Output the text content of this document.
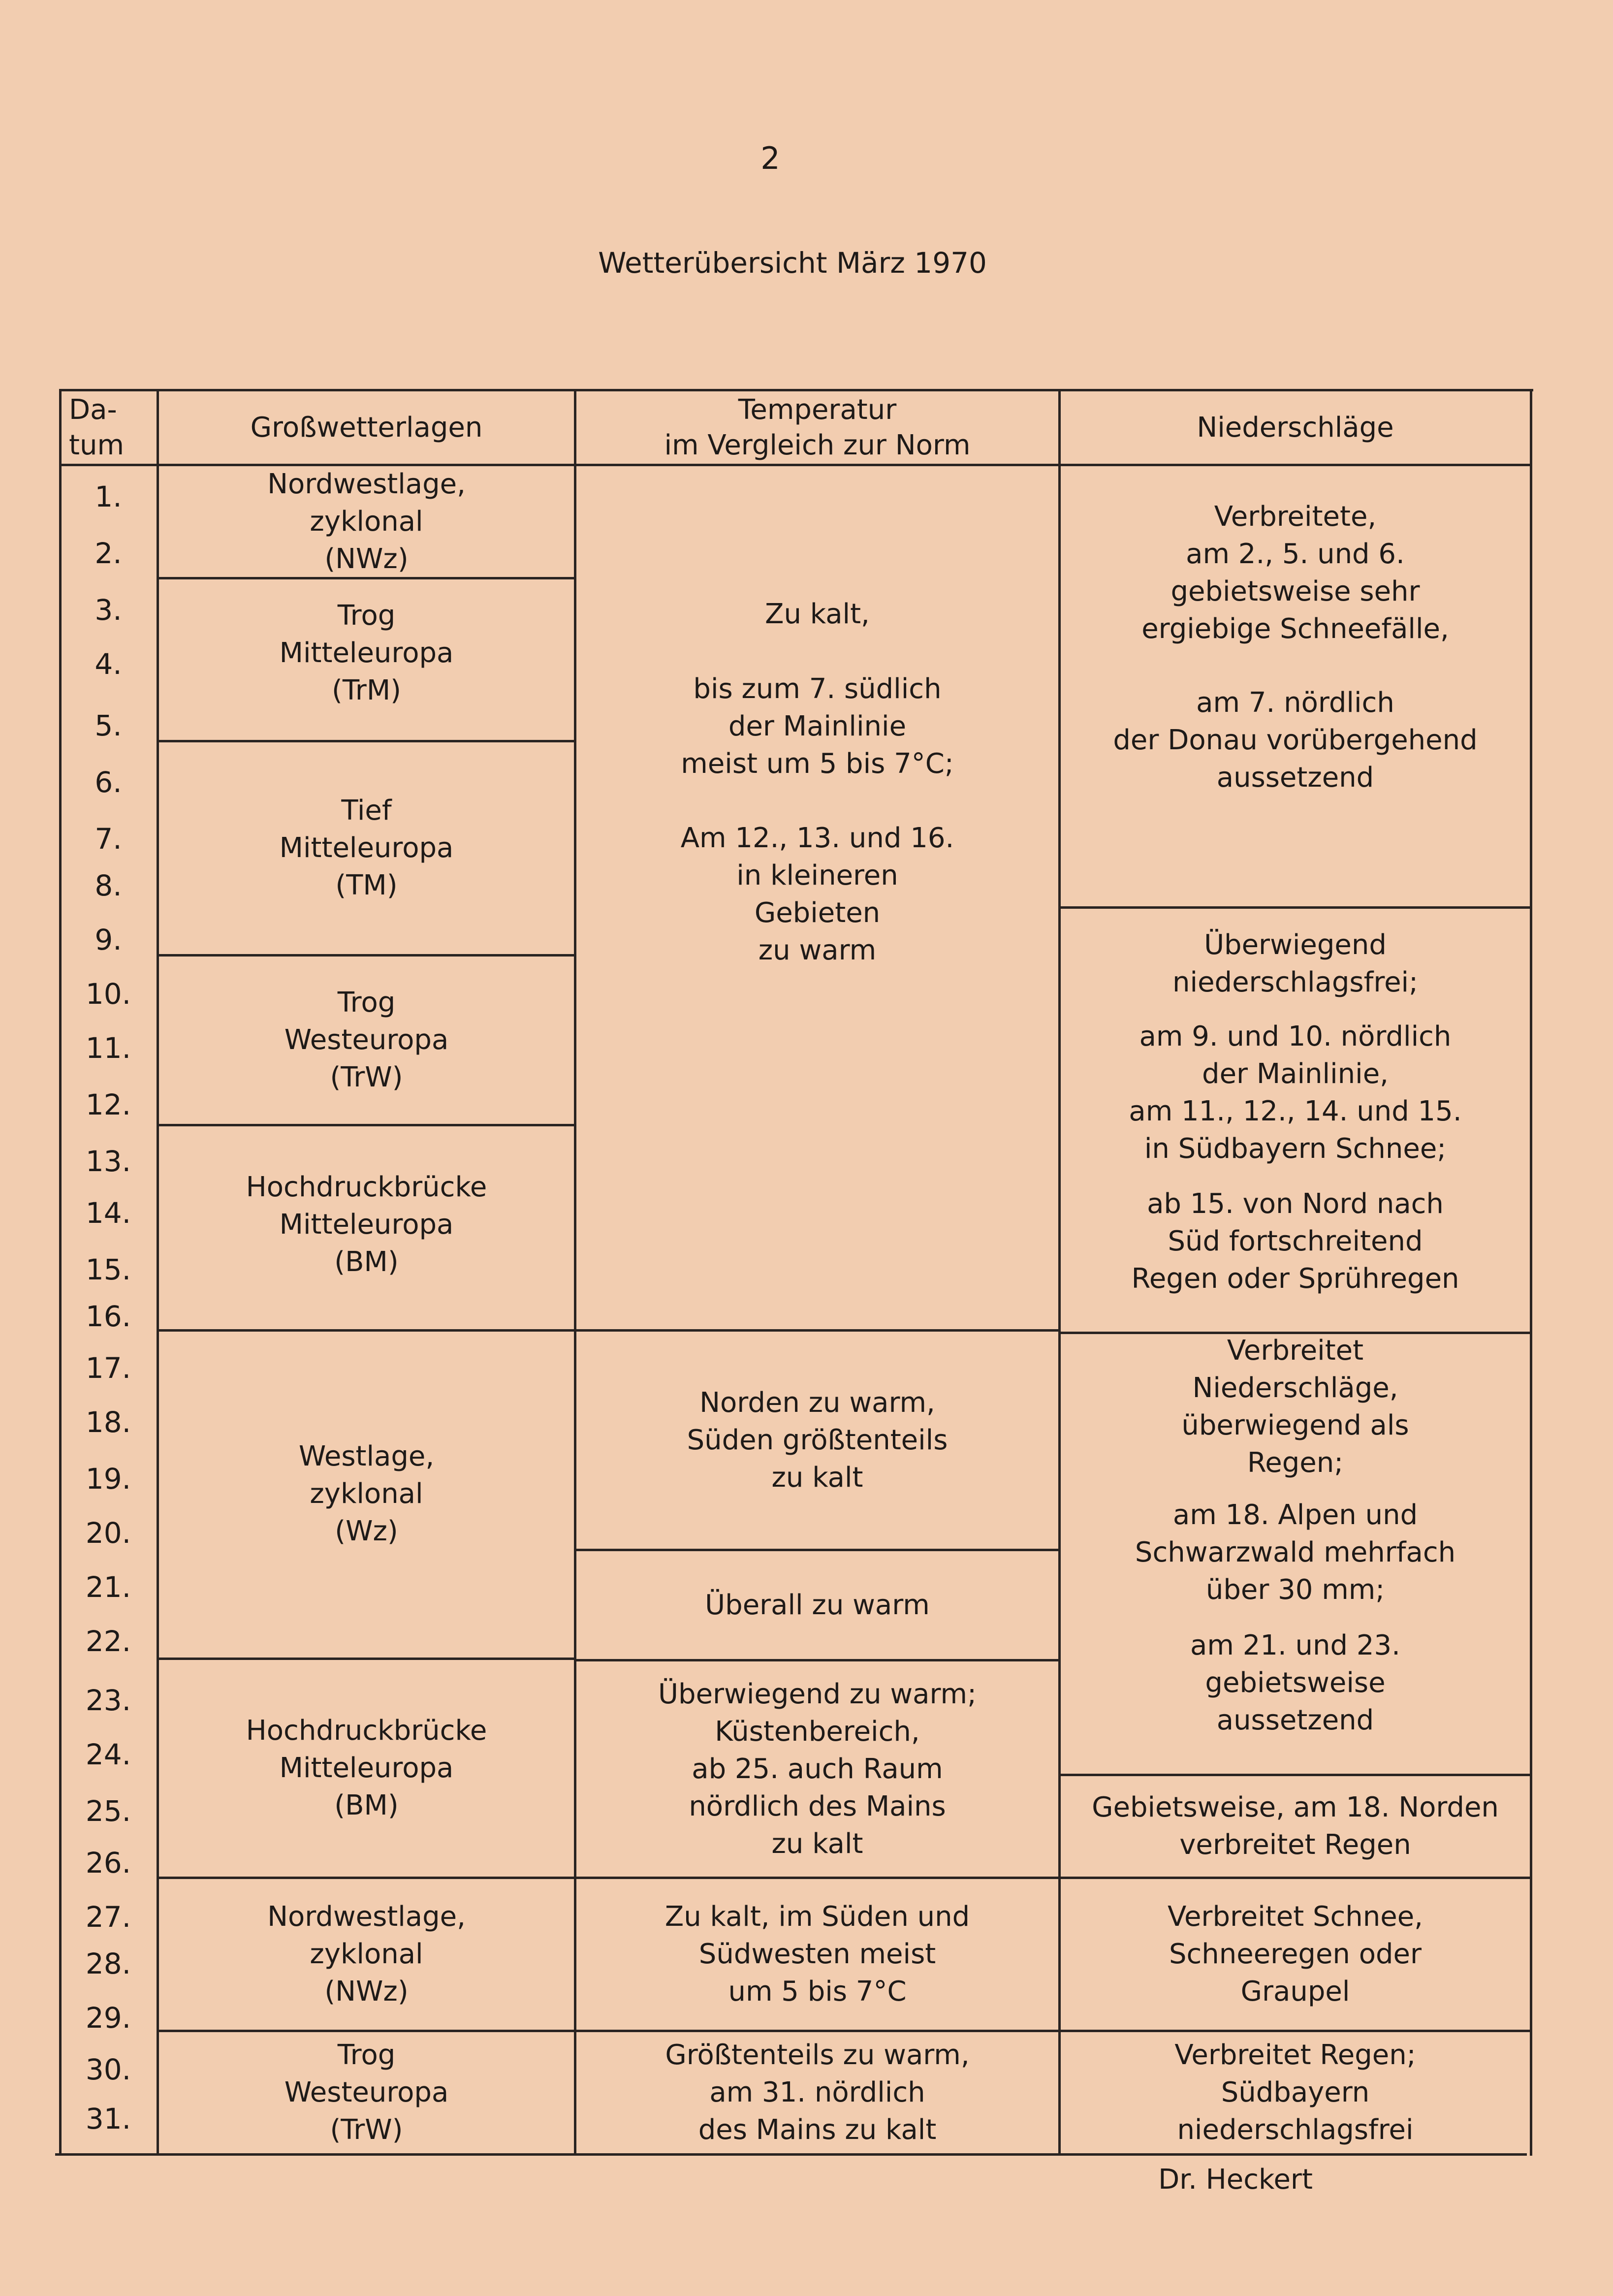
2
Wetterübersicht März 1970
Da-
tum
Großwetterlagen
Temperatur
im Vergleich zur Norm
Niederschläge
1.
2.
3.
4.
5.
6.
7.
8.
9.
10.
11.
12.
13.
14.
15.
16.
17.
18.
19.
20.
21.
22.
23.
24.
25.
26.
27.
28.
29.
30.
31.
Nordwestlage,
zyklonal
(NWz)
Trog
Mitteleuropa
(TrM)
Tief
Mitteleuropa
(TM)
Trog
Westeuropa
(TrW)
Hochdruckbrücke
Mitteleuropa
(BM)
Westlage,
zyklonal
(Wz)
Hochdruckbrücke
Mitteleuropa
(BM)
Nordwestlage,
zyklonal
(NWz)
Trog
Westeuropa
(TrW)
Zu kalt,
bis zum 7. südlich
der Mainlinie
meist um 5 bis 7°C;
Am 12., 13. und 16.
in kleineren
Gebieten
zu warm
Norden zu warm,
Süden größtenteils
zu kalt
Überall zu warm
Überwiegend zu warm;
Küstenbereich,
ab 25. auch Raum
nördlich des Mains
zu kalt
Zu kalt, im Süden und
Südwesten meist
um 5 bis 7°C
Größtenteils zu warm,
am 31. nördlich
des Mains zu kalt
Verbreitete,
am 2., 5. und 6.
gebietsweise sehr
ergiebige Schneefälle,
am 7. nördlich
der Donau vorübergehend
aussetzend
Überwiegend
niederschlagsfrei;
am 9. und 10. nördlich
der Mainlinie,
am 11., 12., 14. und 15.
in Südbayern Schnee;
ab 15. von Nord nach
Süd fortschreitend
Regen oder Sprühregen
Verbreitet
Niederschläge,
überwiegend als
Regen;
am 18. Alpen und
Schwarzwald mehrfach
über 30 mm;
am 21. und 23.
gebietsweise
aussetzend
Gebietsweise, am 18. Norden
verbreitet Regen
Verbreitet Schnee,
Schneeregen oder
Graupel
Verbreitet Regen;
Südbayern
niederschlagsfrei
Dr. Heckert
